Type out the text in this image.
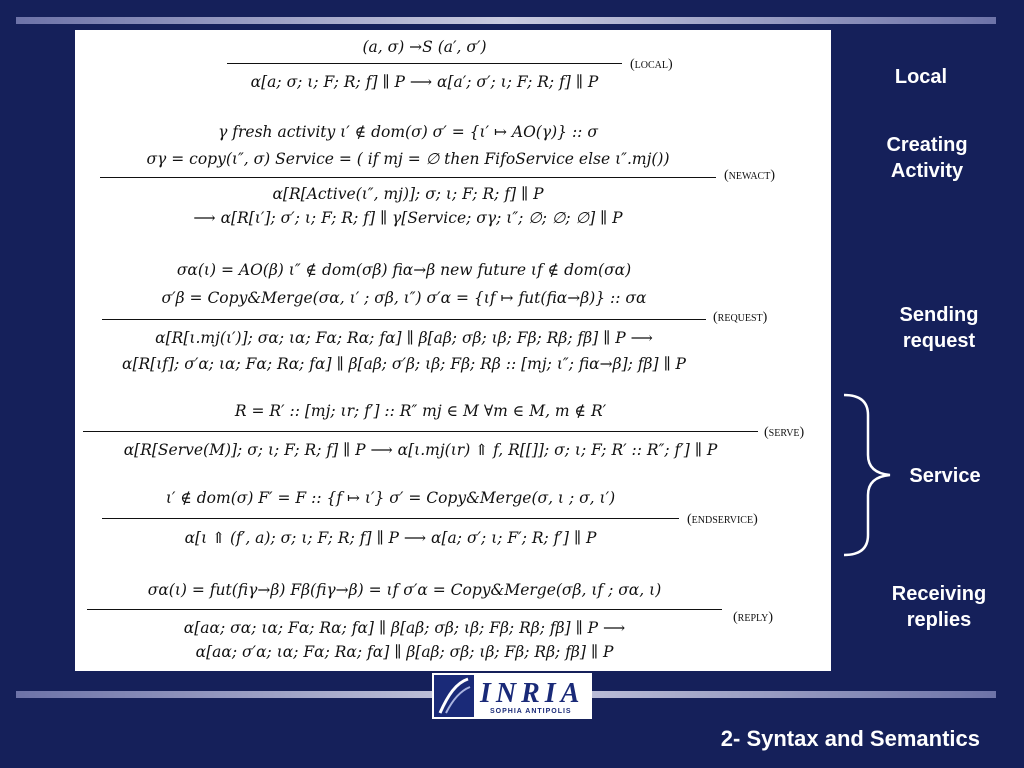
(a, σ) →S (a′, σ′)
α[a; σ; ι; F; R; f] ∥ P ⟶ α[a′; σ′; ι; F; R; f] ∥ P
(local)
γ fresh activity ι′ ∉ dom(σ) σ′ = {ι′ ↦ AO(γ)} :: σ
σγ = copy(ι″, σ) Service = ( if mj = ∅ then FifoService else ι″.mj())
α[R[Active(ι″, mj)]; σ; ι; F; R; f] ∥ P
⟶ α[R[ι′]; σ′; ι; F; R; f] ∥ γ[Service; σγ; ι″; ∅; ∅; ∅] ∥ P
(newact)
σα(ι) = AO(β) ι″ ∉ dom(σβ) fiα→β new future ιf ∉ dom(σα)
σ′β = Copy&Merge(σα, ι′ ; σβ, ι″) σ′α = {ιf ↦ fut(fiα→β)} :: σα
α[R[ι.mj(ι′)]; σα; ια; Fα; Rα; fα] ∥ β[aβ; σβ; ιβ; Fβ; Rβ; fβ] ∥ P ⟶
α[R[ιf]; σ′α; ια; Fα; Rα; fα] ∥ β[aβ; σ′β; ιβ; Fβ; Rβ :: [mj; ι″; fiα→β]; fβ] ∥ P
(request)
R = R′ :: [mj; ιr; f′] :: R″ mj ∈ M ∀m ∈ M, m ∉ R′
α[R[Serve(M)]; σ; ι; F; R; f] ∥ P ⟶ α[ι.mj(ιr) ⇑ f, R[[]]; σ; ι; F; R′ :: R″; f′] ∥ P
(serve)
ι′ ∉ dom(σ) F′ = F :: {f ↦ ι′} σ′ = Copy&Merge(σ, ι ; σ, ι′)
α[ι ⇑ (f′, a); σ; ι; F; R; f] ∥ P ⟶ α[a; σ′; ι; F′; R; f′] ∥ P
(endservice)
σα(ι) = fut(fiγ→β) Fβ(fiγ→β) = ιf σ′α = Copy&Merge(σβ, ιf ; σα, ι)
α[aα; σα; ια; Fα; Rα; fα] ∥ β[aβ; σβ; ιβ; Fβ; Rβ; fβ] ∥ P ⟶
α[aα; σ′α; ια; Fα; Rα; fα] ∥ β[aβ; σβ; ιβ; Fβ; Rβ; fβ] ∥ P
(reply)
Local
Creating Activity
Sending request
Service
Receiving replies
INRIA
SOPHIA ANTIPOLIS
2- Syntax and Semantics
